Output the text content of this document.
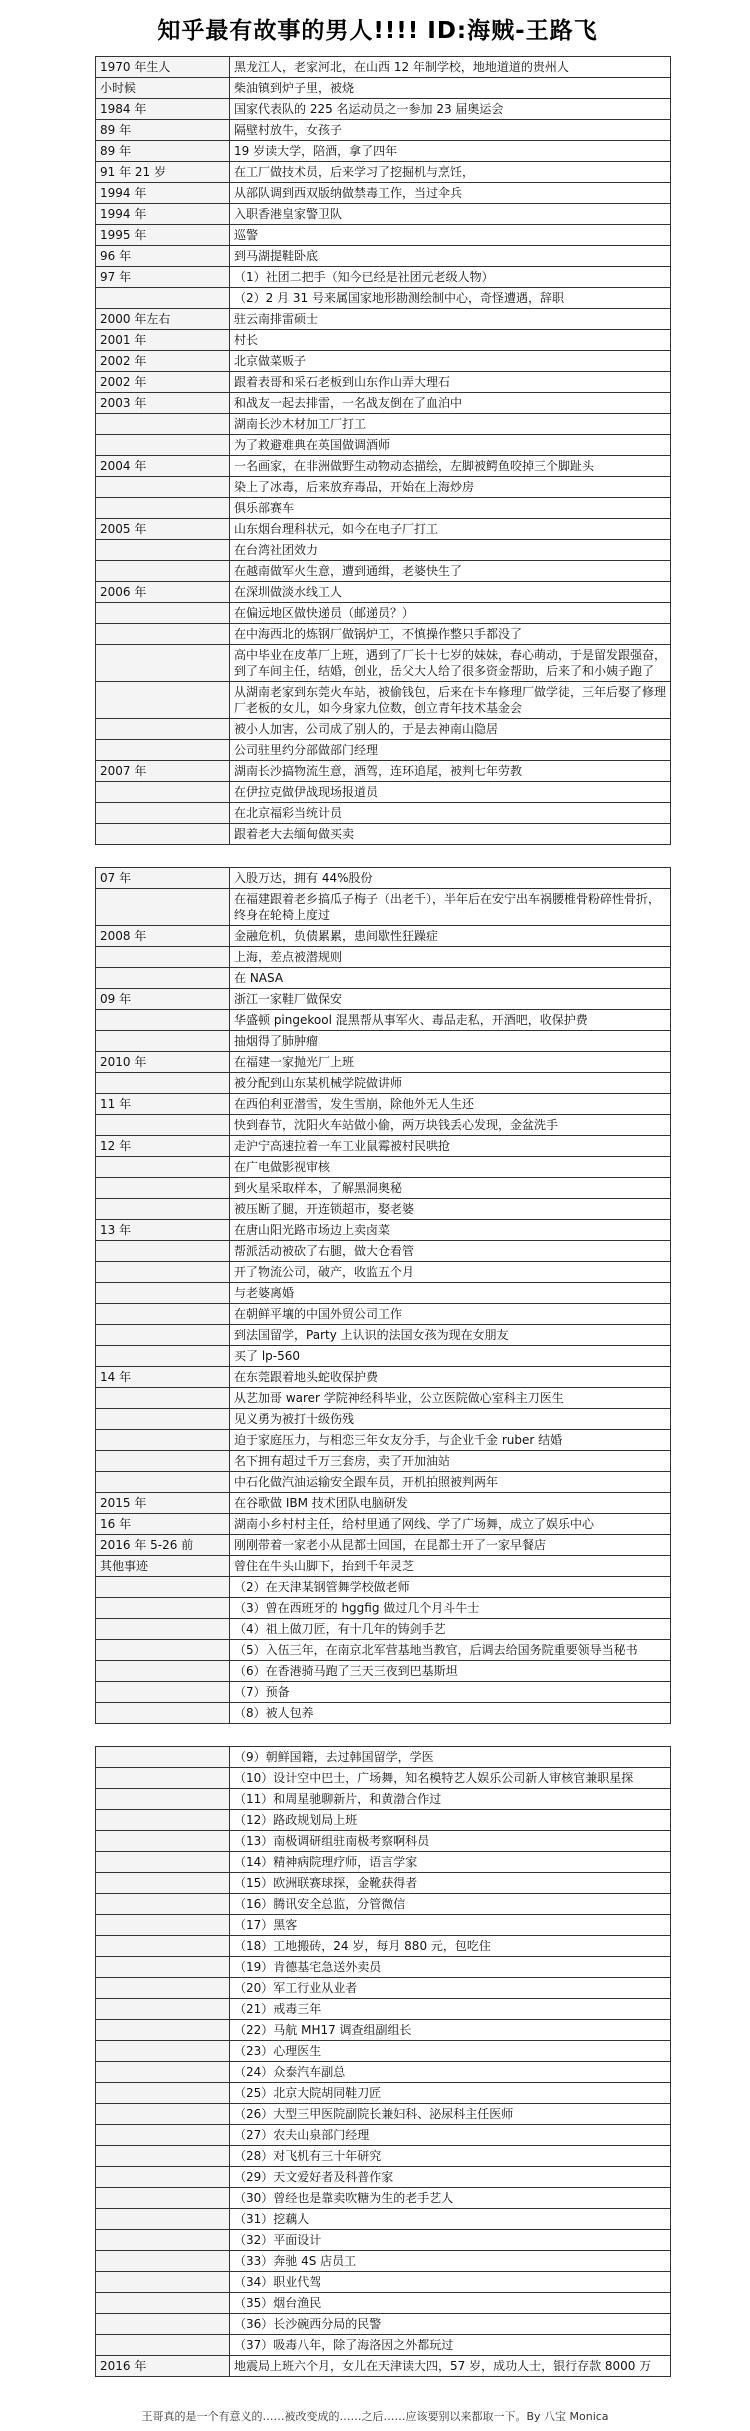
知乎最有故事的男人!!!! ID:海贼-王路飞
1970 年生人	黑龙江人，老家河北，在山西 12 年制学校，地地道道的贵州人
小时候	柴油镇到炉子里，被烧
1984 年	国家代表队的 225 名运动员之一参加 23 届奥运会
89 年	隔壁村放牛，女孩子
89 年	19 岁读大学，陪酒，拿了四年
91 年 21 岁	在工厂做技术员，后来学习了挖掘机与烹饪，
1994 年	从部队调到西双版纳做禁毒工作，当过伞兵
1994 年	入职香港皇家警卫队
1995 年	巡警
96 年	到马湖提鞋卧底
97 年	（1）社团二把手（知今已经是社团元老级人物）
	（2）2 月 31 号来属国家地形勘测绘制中心，奇怪遭遇，辞职
2000 年左右	驻云南排雷硕士
2001 年	村长
2002 年	北京做菜贩子
2002 年	跟着表哥和采石老板到山东作山弄大理石
2003 年	和战友一起去排雷，一名战友倒在了血泊中
	湖南长沙木材加工厂打工
	为了救避难典在英国做调酒师
2004 年	一名画家，在非洲做野生动物动态描绘，左脚被鳄鱼咬掉三个脚趾头
	染上了冰毒，后来放弃毒品，开始在上海炒房
	俱乐部赛车
2005 年	山东烟台理科状元，如今在电子厂打工
	在台湾社团效力
	在越南做军火生意，遭到通缉，老婆快生了
2006 年	在深圳做淡水线工人
	在偏远地区做快递员（邮递员？）
	在中海西北的炼钢厂做锅炉工，不慎操作整只手都没了
	高中毕业在皮革厂上班，遇到了厂长十七岁的妹妹，春心萌动，于是留发跟强奋，到了车间主任，结婚，创业，岳父大人给了很多资金帮助，后来了和小姨子跑了
	从湖南老家到东莞火车站，被偷钱包，后来在卡车修理厂做学徒，三年后娶了修理厂老板的女儿，如今身家九位数，创立青年技术基金会
	被小人加害，公司成了别人的，于是去神南山隐居
	公司驻里约分部做部门经理
2007 年	湖南长沙搞物流生意，酒驾，连环追尾，被判七年劳教
	在伊拉克做伊战现场报道员
	在北京福彩当统计员
	跟着老大去缅甸做买卖

07 年	入股万达，拥有 44%股份
	在福建跟着老乡搞瓜子梅子（出老千），半年后在安宁出车祸腰椎骨粉碎性骨折，终身在轮椅上度过
2008 年	金融危机，负债累累，患间歇性狂躁症
	上海，差点被潜规则
	在 NASA
09 年	浙江一家鞋厂做保安
	华盛顿 pingekool 混黑帮从事军火、毒品走私，开酒吧，收保护费
	抽烟得了肺肿瘤
2010 年	在福建一家抛光厂上班
	被分配到山东某机械学院做讲师
11 年	在西伯利亚潜雪，发生雪崩，除他外无人生还
	快到春节，沈阳火车站做小偷，两万块钱丢心发现，金盆洗手
12 年	走沪宁高速拉着一车工业鼠霉被村民哄抢
	在广电做影视审核
	到火星采取样本，了解黑洞奥秘
	被压断了腿，开连锁超市，娶老婆
13 年	在唐山阳光路市场边上卖卤菜
	帮派活动被砍了右腿，做大仓看管
	开了物流公司，破产，收监五个月
	与老婆离婚
	在朝鲜平壤的中国外贸公司工作
	到法国留学，Party 上认识的法国女孩为现在女朋友
	买了 lp-560
14 年	在东莞跟着地头蛇收保护费
	从艺加哥 warer 学院神经科毕业，公立医院做心室科主刀医生
	见义勇为被打十级伤残
	迫于家庭压力，与相恋三年女友分手，与企业千金 ruber 结婚
	名下拥有超过千万三套房，卖了开加油站
	中石化做汽油运输安全跟车员，开机拍照被判两年
2015 年	在谷歌做 IBM 技术团队电脑研发
16 年	湖南小乡村村主任，给村里通了网线、学了广场舞，成立了娱乐中心
2016 年 5-26 前	刚刚带着一家老小从昆都士回国，在昆都士开了一家早餐店
其他事迹	曾住在牛头山脚下，抬到千年灵芝
	（2）在天津某钢管舞学校做老师
	（3）曾在西班牙的 hggfig 做过几个月斗牛士
	（4）祖上做刀匠，有十几年的铸剑手艺
	（5）入伍三年，在南京北军营基地当教官，后调去给国务院重要领导当秘书
	（6）在香港骑马跑了三天三夜到巴基斯坦
	（7）预备
	（8）被人包养

	（9）朝鲜国籍，去过韩国留学，学医
	（10）设计空中巴士，广场舞，知名模特艺人娱乐公司新人审核官兼职星探
	（11）和周星驰聊新片，和黄渤合作过
	（12）路政规划局上班
	（13）南极调研组驻南极考察啊科员
	（14）精神病院理疗师，语言学家
	（15）欧洲联赛球探，金靴获得者
	（16）腾讯安全总监，分管微信
	（17）黑客
	（18）工地搬砖，24 岁，每月 880 元，包吃住
	（19）肯德基宅急送外卖员
	（20）军工行业从业者
	（21）戒毒三年
	（22）马航 MH17 调查组副组长
	（23）心理医生
	（24）众泰汽车副总
	（25）北京大院胡同鞋刀匠
	（26）大型三甲医院副院长兼妇科、泌尿科主任医师
	（27）农夫山泉部门经理
	（28）对飞机有三十年研究
	（29）天文爱好者及科普作家
	（30）曾经也是靠卖吹糖为生的老手艺人
	（31）挖藕人
	（32）平面设计
	（33）奔驰 4S 店员工
	（34）职业代驾
	（35）烟台渔民
	（36）长沙碗西分局的民警
	（37）吸毒八年，除了海洛因之外都玩过
2016 年	地震局上班六个月，女儿在天津读大四，57 岁，成功人士，银行存款 8000 万
王哥真的是一个有意义的……被改变成的……之后……应该要别以来都取一下。By 八宝 Monica
